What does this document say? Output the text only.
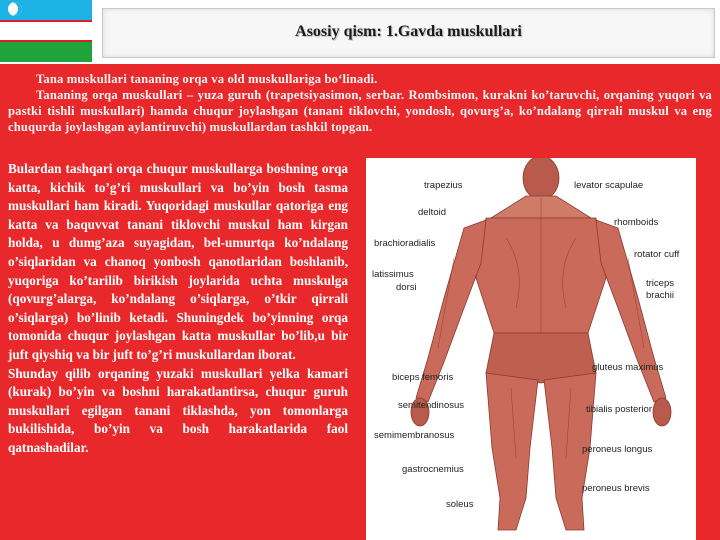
Asosiy qism: 1.Gavda muskullari

Tana muskullari tananing orqa va old muskullariga bo‘linadi.

Tananing orqa muskullari – yuza guruh (trapetsiyasimon, serbar. Rombsimon, kurakni ko’taruvchi, orqaning yuqori va pastki tishli muskullari) hamda chuqur joylashgan (tanani tiklovchi, yondosh, qovurg’a, ko’ndalang qirrali muskul va eng chuqurda joylashgan aylantiruvchi) muskullardan tashkil topgan.

Bulardan tashqari orqa chuqur muskullarga boshning orqa katta, kichik to’g’ri muskullari va bo’yin bosh tasma muskullari ham kiradi. Yuqoridagi muskullar qatoriga eng katta va baquvvat tanani tiklovchi muskul ham kirgan holda, u dumg’aza suyagidan, bel-umurtqa ko’ndalang o’siqlaridan va chanoq yonbosh qanotlaridan boshlanib, yuqoriga ko’tarilib birikish joylarida uchta muskulga (qovurg’alarga, ko’ndalang o’siqlarga, o’tkir qirrali o’siqlarga) bo’linib ketadi. Shuningdek bo’yinning orqa tomonida chuqur joylashgan katta muskullar bo’lib,u bir juft qiyshiq va bir juft to’g’ri muskullardan iborat.

Shunday qilib orqaning yuzaki muskullari yelka kamari (kurak) bo’yin va boshni harakatlantirsa, chuqur guruh muskullari egilgan tanani tiklashda, yon tomonlarga bukilishida, bo’yin va bosh harakatlarida faol qatnashadilar.

trapezius	levator scapulae
deltoid
rhomboids
brachioradialis
rotator cuff
latissimus
dorsi	triceps
brachii
biceps femoris
gluteus maximus
semitendinosus	tibialis posterior
semimembranosus
peroneus longus
gastrocnemius
peroneus brevis
soleus
